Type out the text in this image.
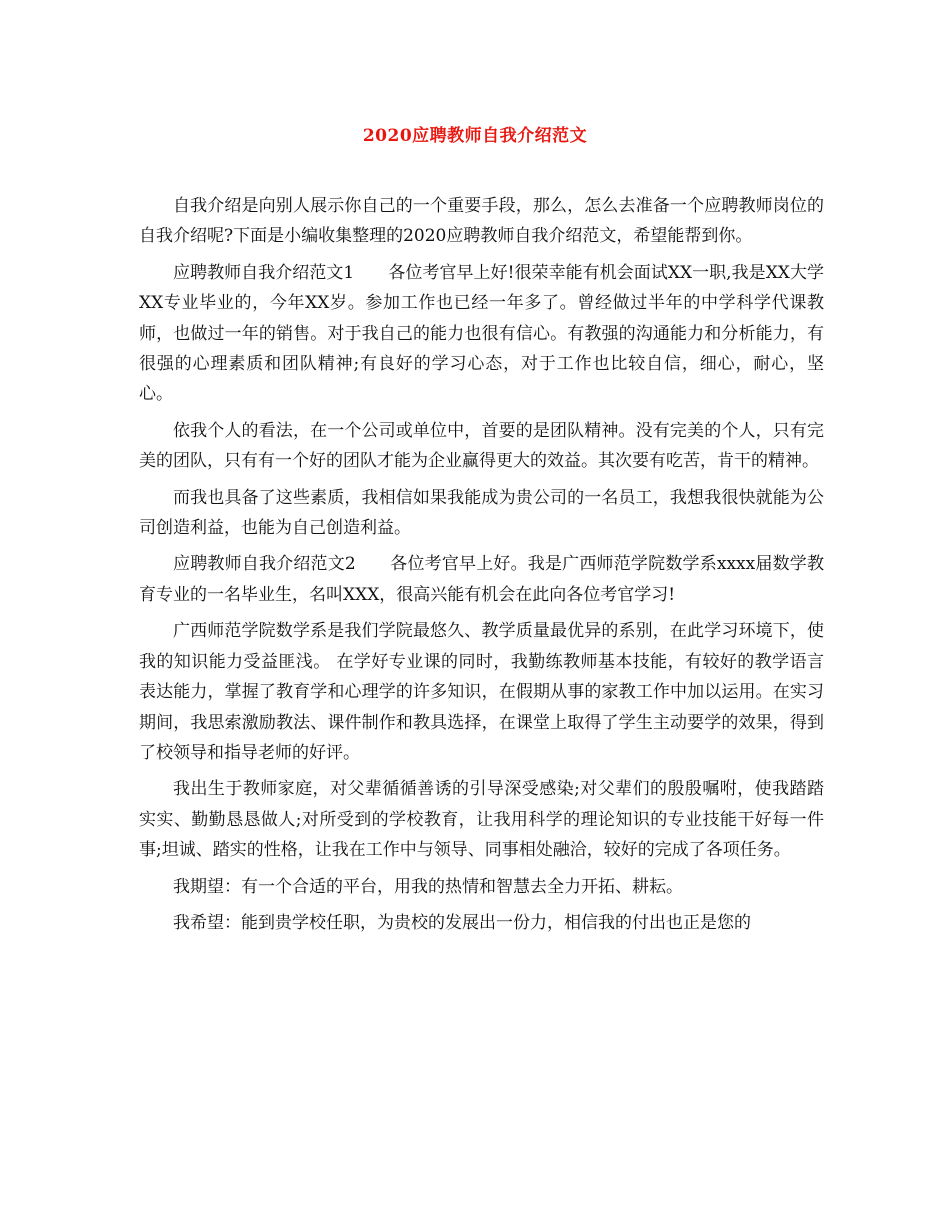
2020应聘教师自我介绍范文

自我介绍是向别人展示你自己的一个重要手段，那么，怎么去准备一个应聘教师岗位的自我介绍呢?下面是小编收集整理的2020应聘教师自我介绍范文，希望能帮到你。

应聘教师自我介绍范文1　　各位考官早上好!很荣幸能有机会面试XX一职,我是XX大学XX专业毕业的，今年XX岁。参加工作也已经一年多了。曾经做过半年的中学科学代课教师，也做过一年的销售。对于我自己的能力也很有信心。有教强的沟通能力和分析能力，有很强的心理素质和团队精神;有良好的学习心态，对于工作也比较自信，细心，耐心，坚心。

依我个人的看法，在一个公司或单位中，首要的是团队精神。没有完美的个人，只有完美的团队，只有有一个好的团队才能为企业赢得更大的效益。其次要有吃苦，肯干的精神。

而我也具备了这些素质，我相信如果我能成为贵公司的一名员工，我想我很快就能为公司创造利益，也能为自己创造利益。

应聘教师自我介绍范文2　　各位考官早上好。我是广西师范学院数学系xxxx届数学教育专业的一名毕业生，名叫XXX，很高兴能有机会在此向各位考官学习!

广西师范学院数学系是我们学院最悠久、教学质量最优异的系别，在此学习环境下，使我的知识能力受益匪浅。 在学好专业课的同时，我勤练教师基本技能，有较好的教学语言表达能力，掌握了教育学和心理学的许多知识，在假期从事的家教工作中加以运用。在实习期间，我思索激励教法、课件制作和教具选择，在课堂上取得了学生主动要学的效果，得到了校领导和指导老师的好评。

我出生于教师家庭，对父辈循循善诱的引导深受感染;对父辈们的殷殷嘱咐，使我踏踏实实、勤勤恳恳做人;对所受到的学校教育，让我用科学的理论知识的专业技能干好每一件事;坦诚、踏实的性格，让我在工作中与领导、同事相处融洽，较好的完成了各项任务。

我期望：有一个合适的平台，用我的热情和智慧去全力开拓、耕耘。

我希望：能到贵学校任职，为贵校的发展出一份力，相信我的付出也正是您的
